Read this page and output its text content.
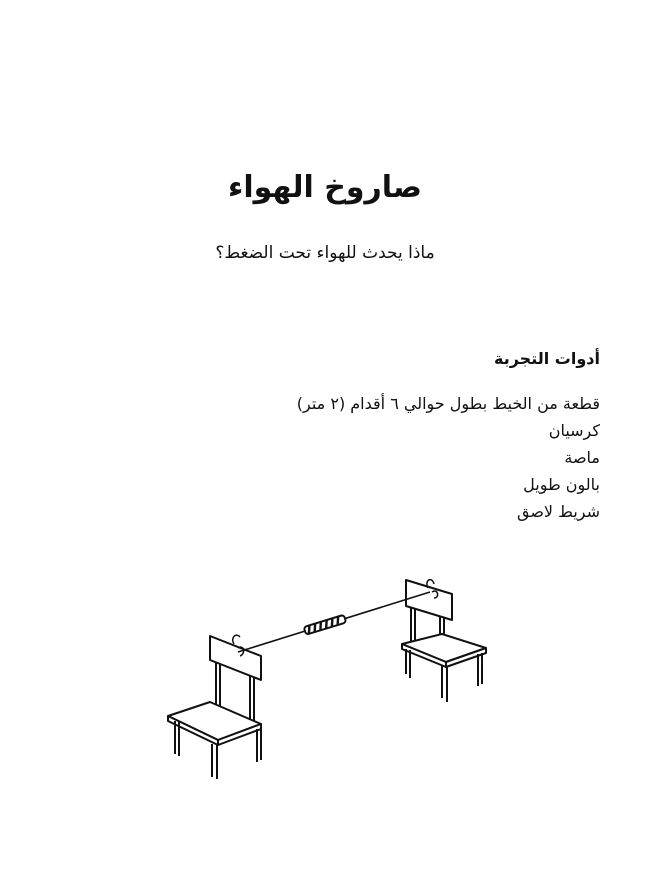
صاروخ الهواء

ماذا يحدث للهواء تحت الضغط؟

أدوات التجربة
قطعة من الخيط بطول حوالي ٦ أقدام (٢ متر)
كرسيان
ماصة
بالون طويل
شريط لاصق
